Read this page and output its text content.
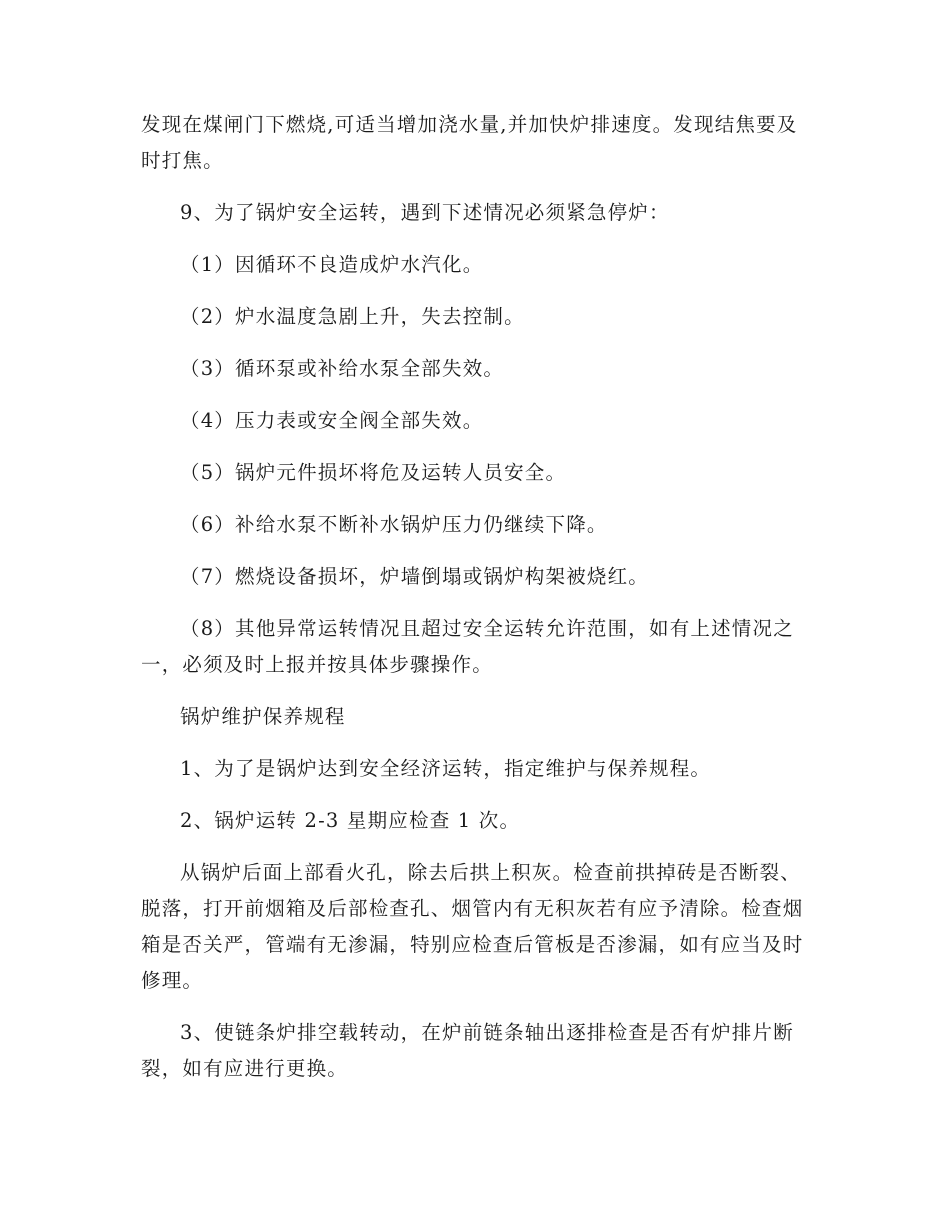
发现在煤闸门下燃烧,可适当增加浇水量,并加快炉排速度。发现结焦要及时打焦。

9、为了锅炉安全运转，遇到下述情况必须紧急停炉：

（1）因循环不良造成炉水汽化。

（2）炉水温度急剧上升，失去控制。

（3）循环泵或补给水泵全部失效。

（4）压力表或安全阀全部失效。

（5）锅炉元件损坏将危及运转人员安全。

（6）补给水泵不断补水锅炉压力仍继续下降。

（7）燃烧设备损坏，炉墙倒塌或锅炉构架被烧红。

（8）其他异常运转情况且超过安全运转允许范围，如有上述情况之一，必须及时上报并按具体步骤操作。

锅炉维护保养规程

1、为了是锅炉达到安全经济运转，指定维护与保养规程。

2、锅炉运转 2-3 星期应检查 1 次。

从锅炉后面上部看火孔，除去后拱上积灰。检查前拱掉砖是否断裂、脱落，打开前烟箱及后部检查孔、烟管内有无积灰若有应予清除。检查烟箱是否关严，管端有无渗漏，特别应检查后管板是否渗漏，如有应当及时修理。

3、使链条炉排空载转动，在炉前链条轴出逐排检查是否有炉排片断裂，如有应进行更换。
